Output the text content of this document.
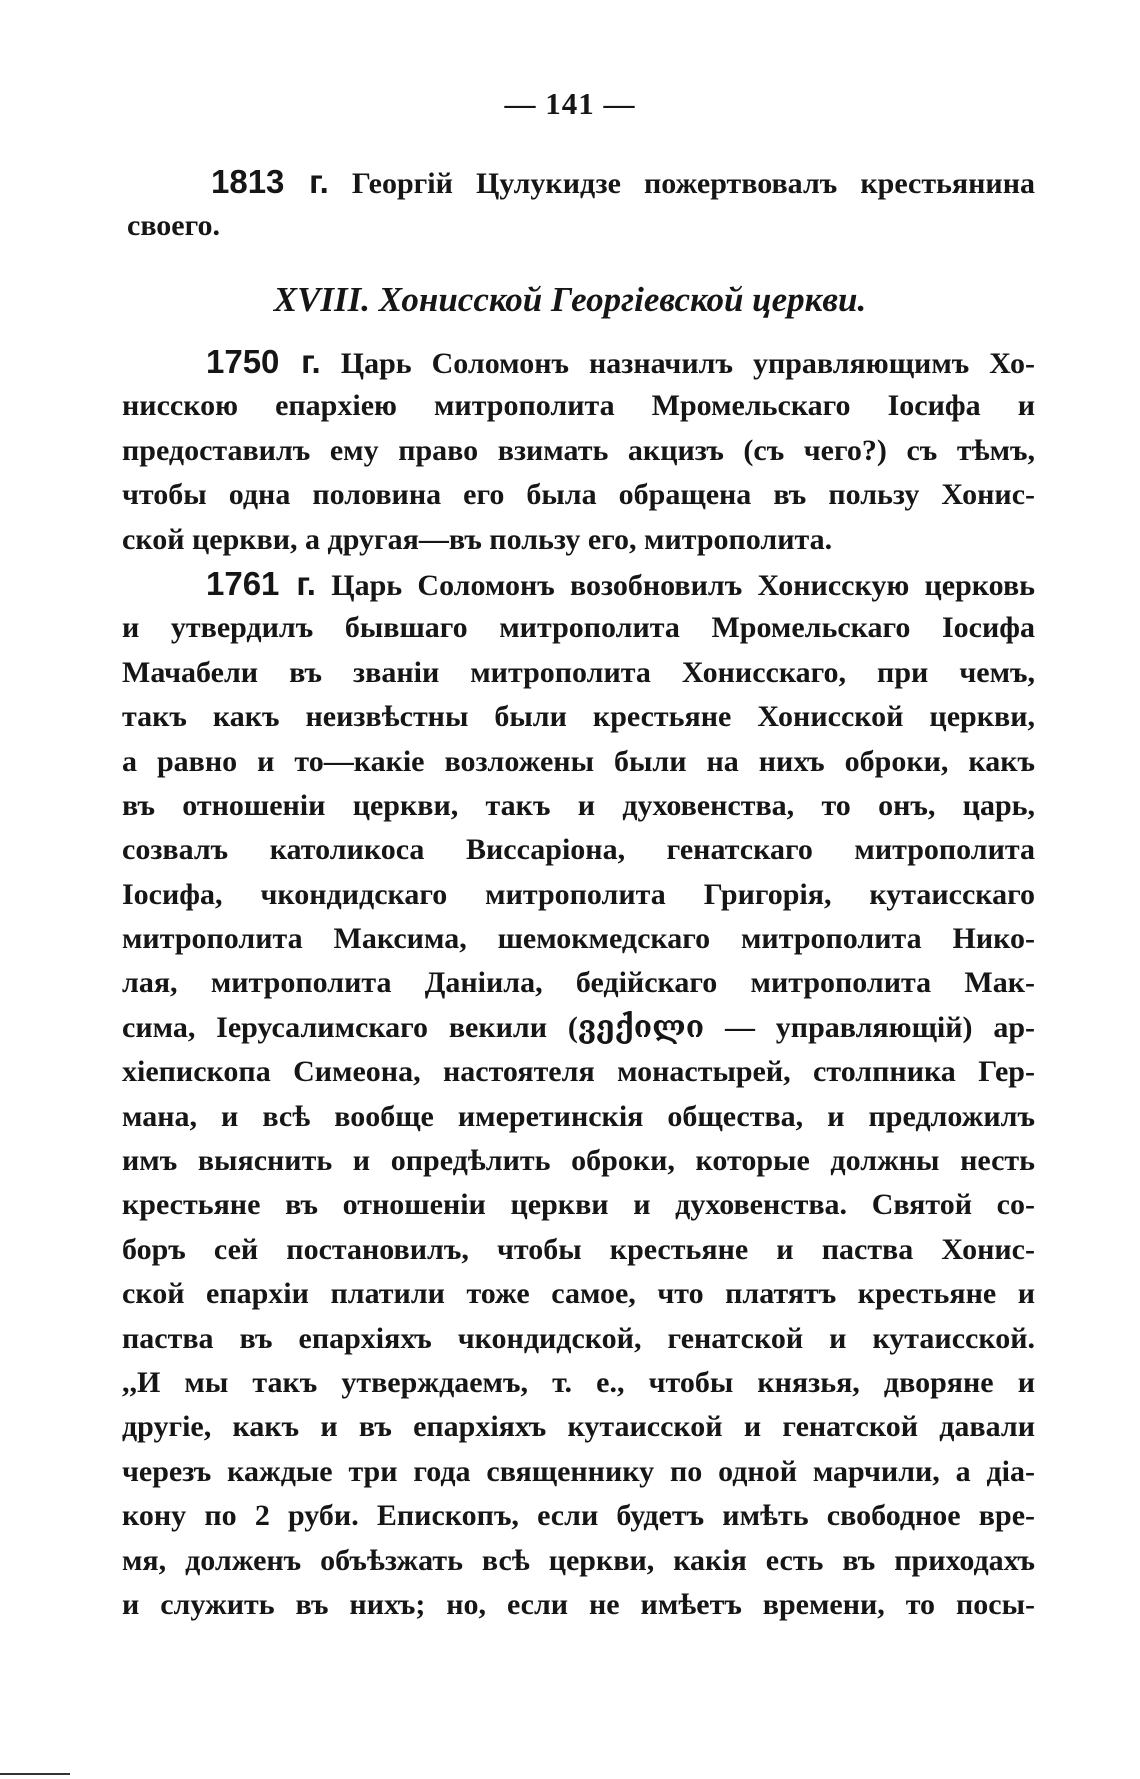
— 141 —
1813 г. Георгій Цулукидзе пожертвовалъ крестьянина
своего.
XVIII. Хонисской Георгіевской церкви.
1750 г. Царь Соломонъ назначилъ управляющимъ Хо-
нисскою епархіею митрополита Мромельскаго Іосифа и
предоставилъ ему право взимать акцизъ (съ чего?) съ тѣмъ,
чтобы одна половина его была обращена въ пользу Хонис-
ской церкви, а другая—въ пользу его, митрополита.
1761 г. Царь Соломонъ возобновилъ Хонисскую церковь
и утвердилъ бывшаго митрополита Мромельскаго Іосифа
Мачабели въ званіи митрополита Хонисскаго, при чемъ,
такъ какъ неизвѣстны были крестьяне Хонисской церкви,
а равно и то—какіе возложены были на нихъ оброки, какъ
въ отношеніи церкви, такъ и духовенства, то онъ, царь,
созвалъ католикоса Виссаріона, генатскаго митрополита
Іосифа, чкондидскаго митрополита Григорія, кутаисскаго
митрополита Максима, шемокмедскаго митрополита Нико-
лая, митрополита Даніила, бедійскаго митрополита Мак-
сима, Іерусалимскаго векили (ვექილი — управляющій) ар-
хіепископа Симеона, настоятеля монастырей, столпника Гер-
мана, и всѣ вообще имеретинскія общества, и предложилъ
имъ выяснить и опредѣлить оброки, которые должны несть
крестьяне въ отношеніи церкви и духовенства. Святой со-
боръ сей постановилъ, чтобы крестьяне и паства Хонис-
ской епархіи платили тоже самое, что платятъ крестьяне и
паства въ епархіяхъ чкондидской, генатской и кутаисской.
,,И мы такъ утверждаемъ, т. е., чтобы князья, дворяне и
другіе, какъ и въ епархіяхъ кутаисской и генатской давали
черезъ каждые три года священнику по одной марчили, а діа-
кону по 2 руби. Епископъ, если будетъ имѣть свободное вре-
мя, долженъ объѣзжать всѣ церкви, какія есть въ приходахъ
и служить въ нихъ; но, если не имѣетъ времени, то посы-
